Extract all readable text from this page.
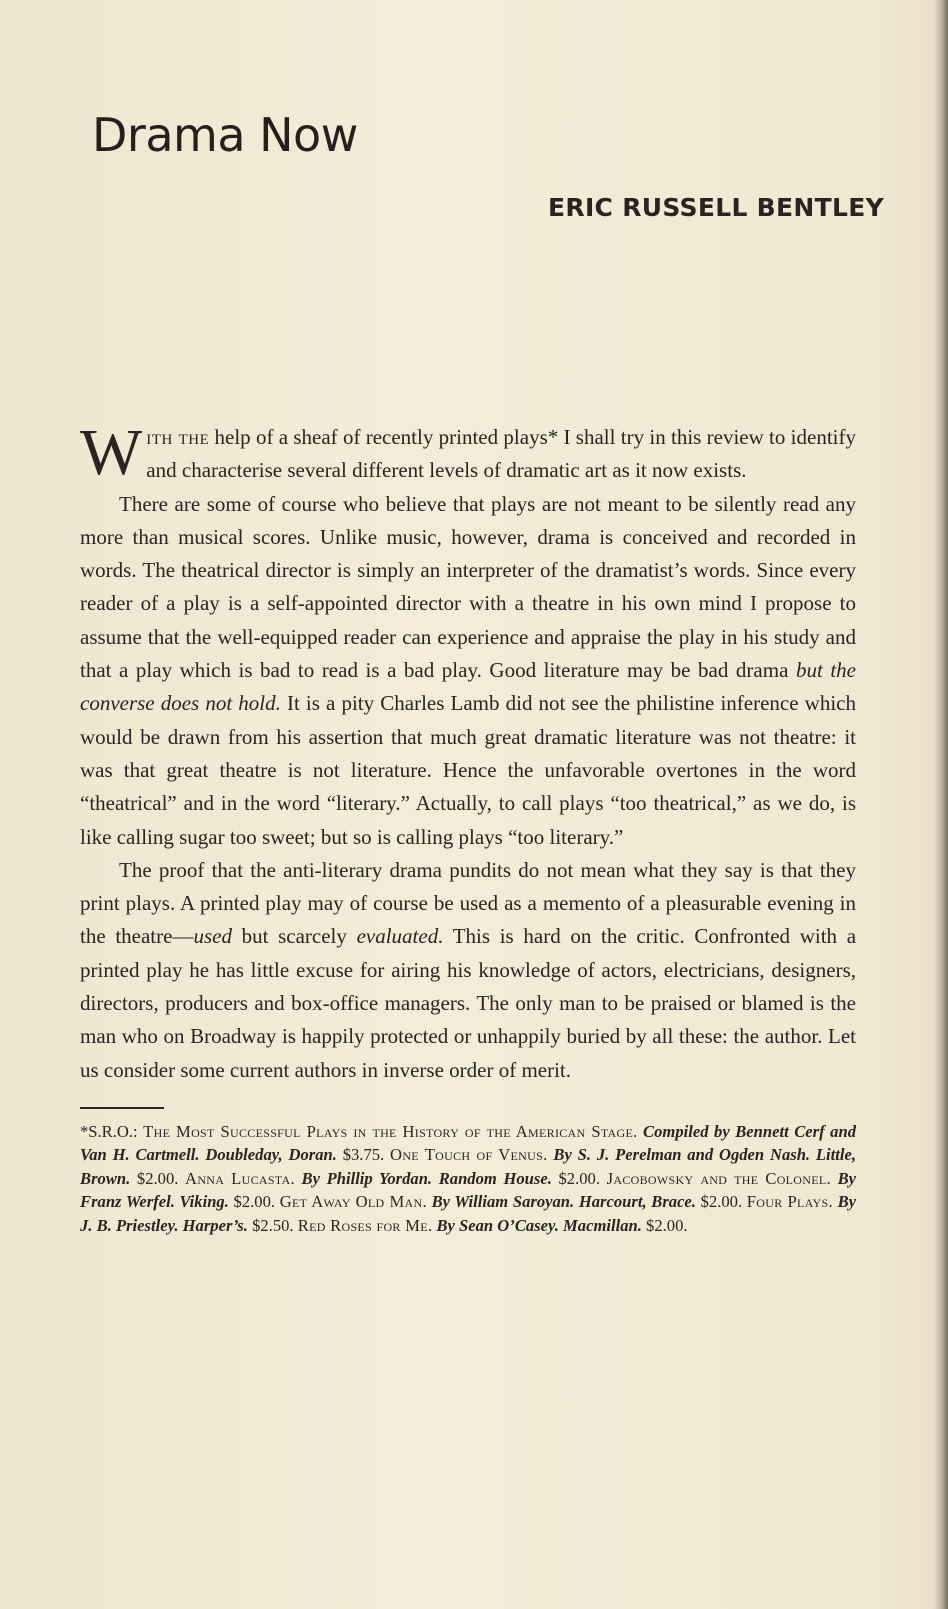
Drama Now
ERIC RUSSELL BENTLEY

With the help of a sheaf of recently printed plays* I shall try in this review to identify and characterise several different levels of dramatic art as it now exists.

There are some of course who believe that plays are not meant to be silently read any more than musical scores. Unlike music, however, drama is conceived and recorded in words. The theatrical director is simply an interpreter of the dramatist’s words. Since every reader of a play is a self-appointed director with a theatre in his own mind I propose to assume that the well-equipped reader can experience and appraise the play in his study and that a play which is bad to read is a bad play. Good literature may be bad drama but the converse does not hold. It is a pity Charles Lamb did not see the philistine inference which would be drawn from his assertion that much great dramatic literature was not theatre: it was that great theatre is not literature. Hence the unfavorable overtones in the word “theatrical” and in the word “literary.” Actually, to call plays “too theatrical,” as we do, is like calling sugar too sweet; but so is calling plays “too literary.”

The proof that the anti-literary drama pundits do not mean what they say is that they print plays. A printed play may of course be used as a memento of a pleasurable evening in the theatre—used but scarcely evaluated. This is hard on the critic. Confronted with a printed play he has little excuse for airing his knowledge of actors, electricians, designers, directors, producers and box-office managers. The only man to be praised or blamed is the man who on Broadway is happily protected or unhappily buried by all these: the author. Let us consider some current authors in inverse order of merit.

*S.R.O.: The Most Successful Plays in the History of the American Stage. Compiled by Bennett Cerf and Van H. Cartmell. Doubleday, Doran. $3.75. One Touch of Venus. By S. J. Perelman and Ogden Nash. Little, Brown. $2.00. Anna Lucasta. By Phillip Yordan. Random House. $2.00. Jacobowsky and the Colonel. By Franz Werfel. Viking. $2.00. Get Away Old Man. By William Saroyan. Harcourt, Brace. $2.00. Four Plays. By J. B. Priestley. Harper’s. $2.50. Red Roses for Me. By Sean O’Casey. Macmillan. $2.00.
